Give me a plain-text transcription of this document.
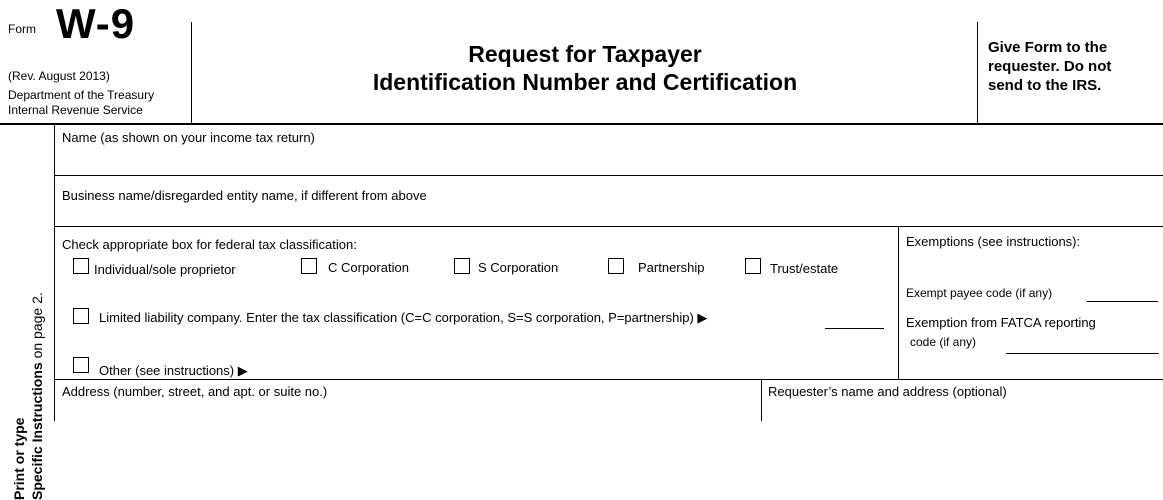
Form W-9
(Rev. August 2013)
Department of the Treasury
Internal Revenue Service
Request for Taxpayer
Identification Number and Certification
Give Form to the
requester. Do not
send to the IRS.
Print or type Specific Instructions on page 2.
Name (as shown on your income tax return)
Business name/disregarded entity name, if different from above
Check appropriate box for federal tax classification:
Individual/sole proprietor	C Corporation	S Corporation	Partnership	Trust/estate
Limited liability company. Enter the tax classification (C=C corporation, S=S corporation, P=partnership) ▶
Other (see instructions) ▶
Exemptions (see instructions):
Exempt payee code (if any)
Exemption from FATCA reporting
code (if any)
Address (number, street, and apt. or suite no.)	Requester’s name and address (optional)
